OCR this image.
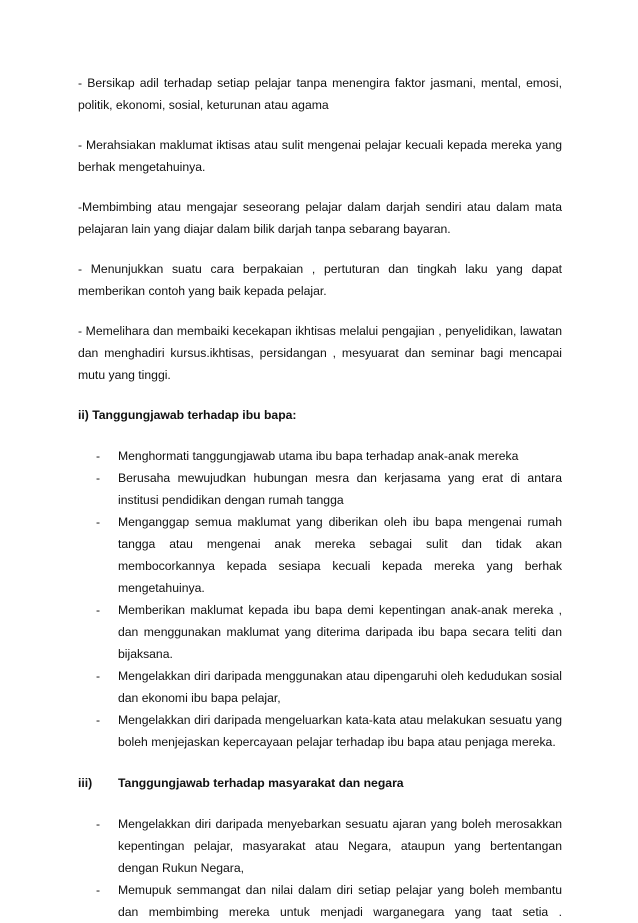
- Bersikap adil terhadap setiap pelajar tanpa menengira faktor jasmani, mental, emosi, politik, ekonomi, sosial, keturunan atau agama

- Merahsiakan maklumat iktisas atau sulit mengenai pelajar kecuali kepada mereka yang berhak mengetahuinya.

-Membimbing atau mengajar seseorang pelajar dalam darjah sendiri atau dalam mata pelajaran lain yang diajar dalam bilik darjah tanpa sebarang bayaran.

- Menunjukkan suatu cara berpakaian , pertuturan dan tingkah laku yang dapat memberikan contoh yang baik kepada pelajar.

- Memelihara dan membaiki kecekapan ikhtisas melalui pengajian , penyelidikan, lawatan dan menghadiri kursus.ikhtisas, persidangan , mesyuarat dan seminar bagi mencapai mutu yang tinggi.

ii) Tanggungjawab terhadap ibu bapa:

-	Menghormati tanggungjawab utama ibu bapa terhadap anak-anak mereka
-	Berusaha mewujudkan hubungan mesra dan kerjasama yang erat di antara institusi pendidikan dengan rumah tangga
-	Menganggap semua maklumat yang diberikan oleh ibu bapa mengenai rumah tangga atau mengenai anak mereka sebagai sulit dan tidak akan membocorkannya kepada sesiapa kecuali kepada mereka yang berhak mengetahuinya.
-	Memberikan maklumat kepada ibu bapa demi kepentingan anak-anak mereka , dan menggunakan maklumat yang diterima daripada ibu bapa secara teliti dan bijaksana.
-	Mengelakkan diri daripada menggunakan atau dipengaruhi oleh kedudukan sosial dan ekonomi ibu bapa pelajar,
-	Mengelakkan diri daripada mengeluarkan kata-kata atau melakukan sesuatu yang boleh menjejaskan kepercayaan pelajar terhadap ibu bapa atau penjaga mereka.
iii)	Tanggungjawab terhadap masyarakat dan negara
-	Mengelakkan diri daripada menyebarkan sesuatu ajaran yang boleh merosakkan kepentingan pelajar, masyarakat atau Negara, ataupun yang bertentangan dengan Rukun Negara,
-	Memupuk semmangat dan nilai dalam diri setiap pelajar yang boleh membantu dan membimbing mereka untuk menjadi warganegara yang taat setia .
